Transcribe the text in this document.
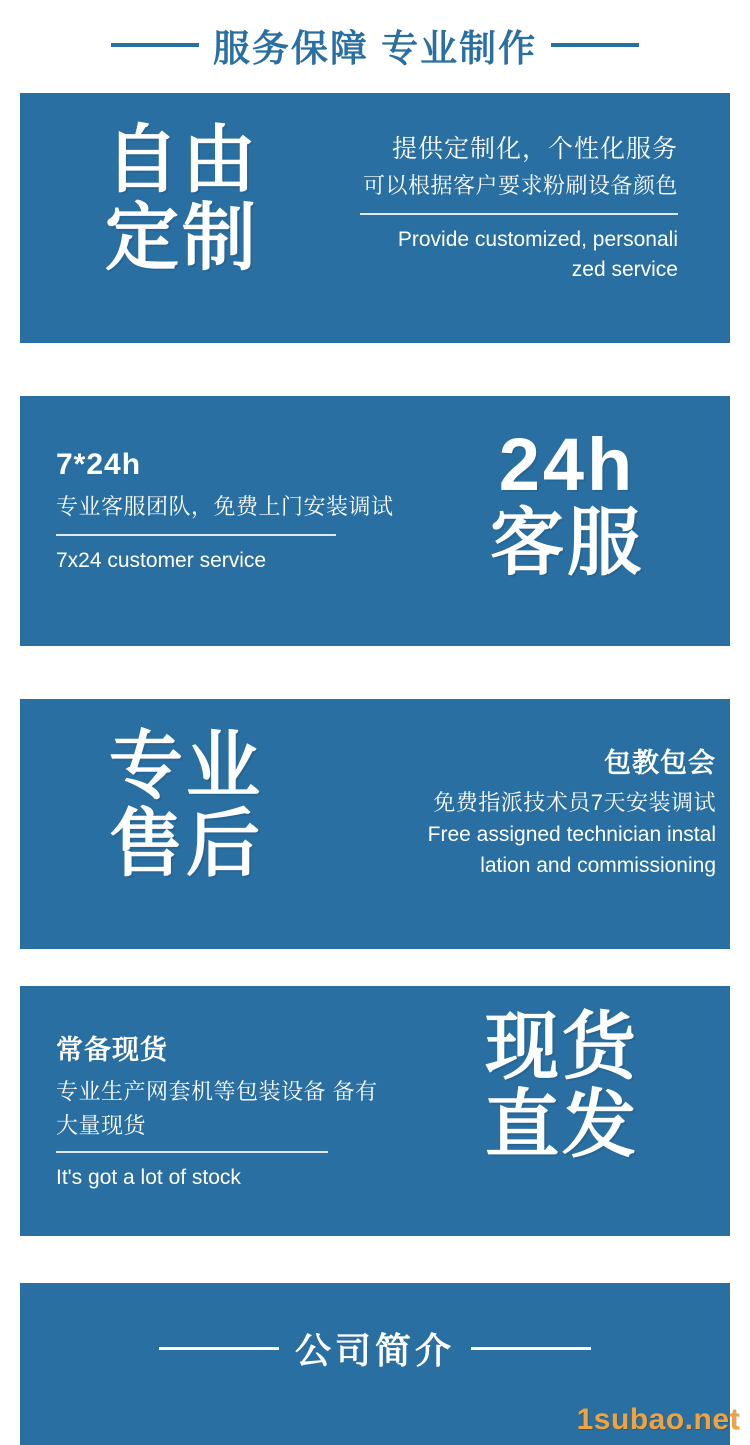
服务保障 专业制作
自由
定制
提供定制化，个性化服务
可以根据客户要求粉刷设备颜色
Provide customized, personali
zed service
24h
客服
7*24h
专业客服团队，免费上门安装调试
7x24 customer service
专业
售后
包教包会
免费指派技术员7天安装调试
Free assigned technician instal
lation and commissioning
现货
直发
常备现货
专业生产网套机等包装设备 备有
大量现货
It's got a lot of stock
公司简介
1subao.net
